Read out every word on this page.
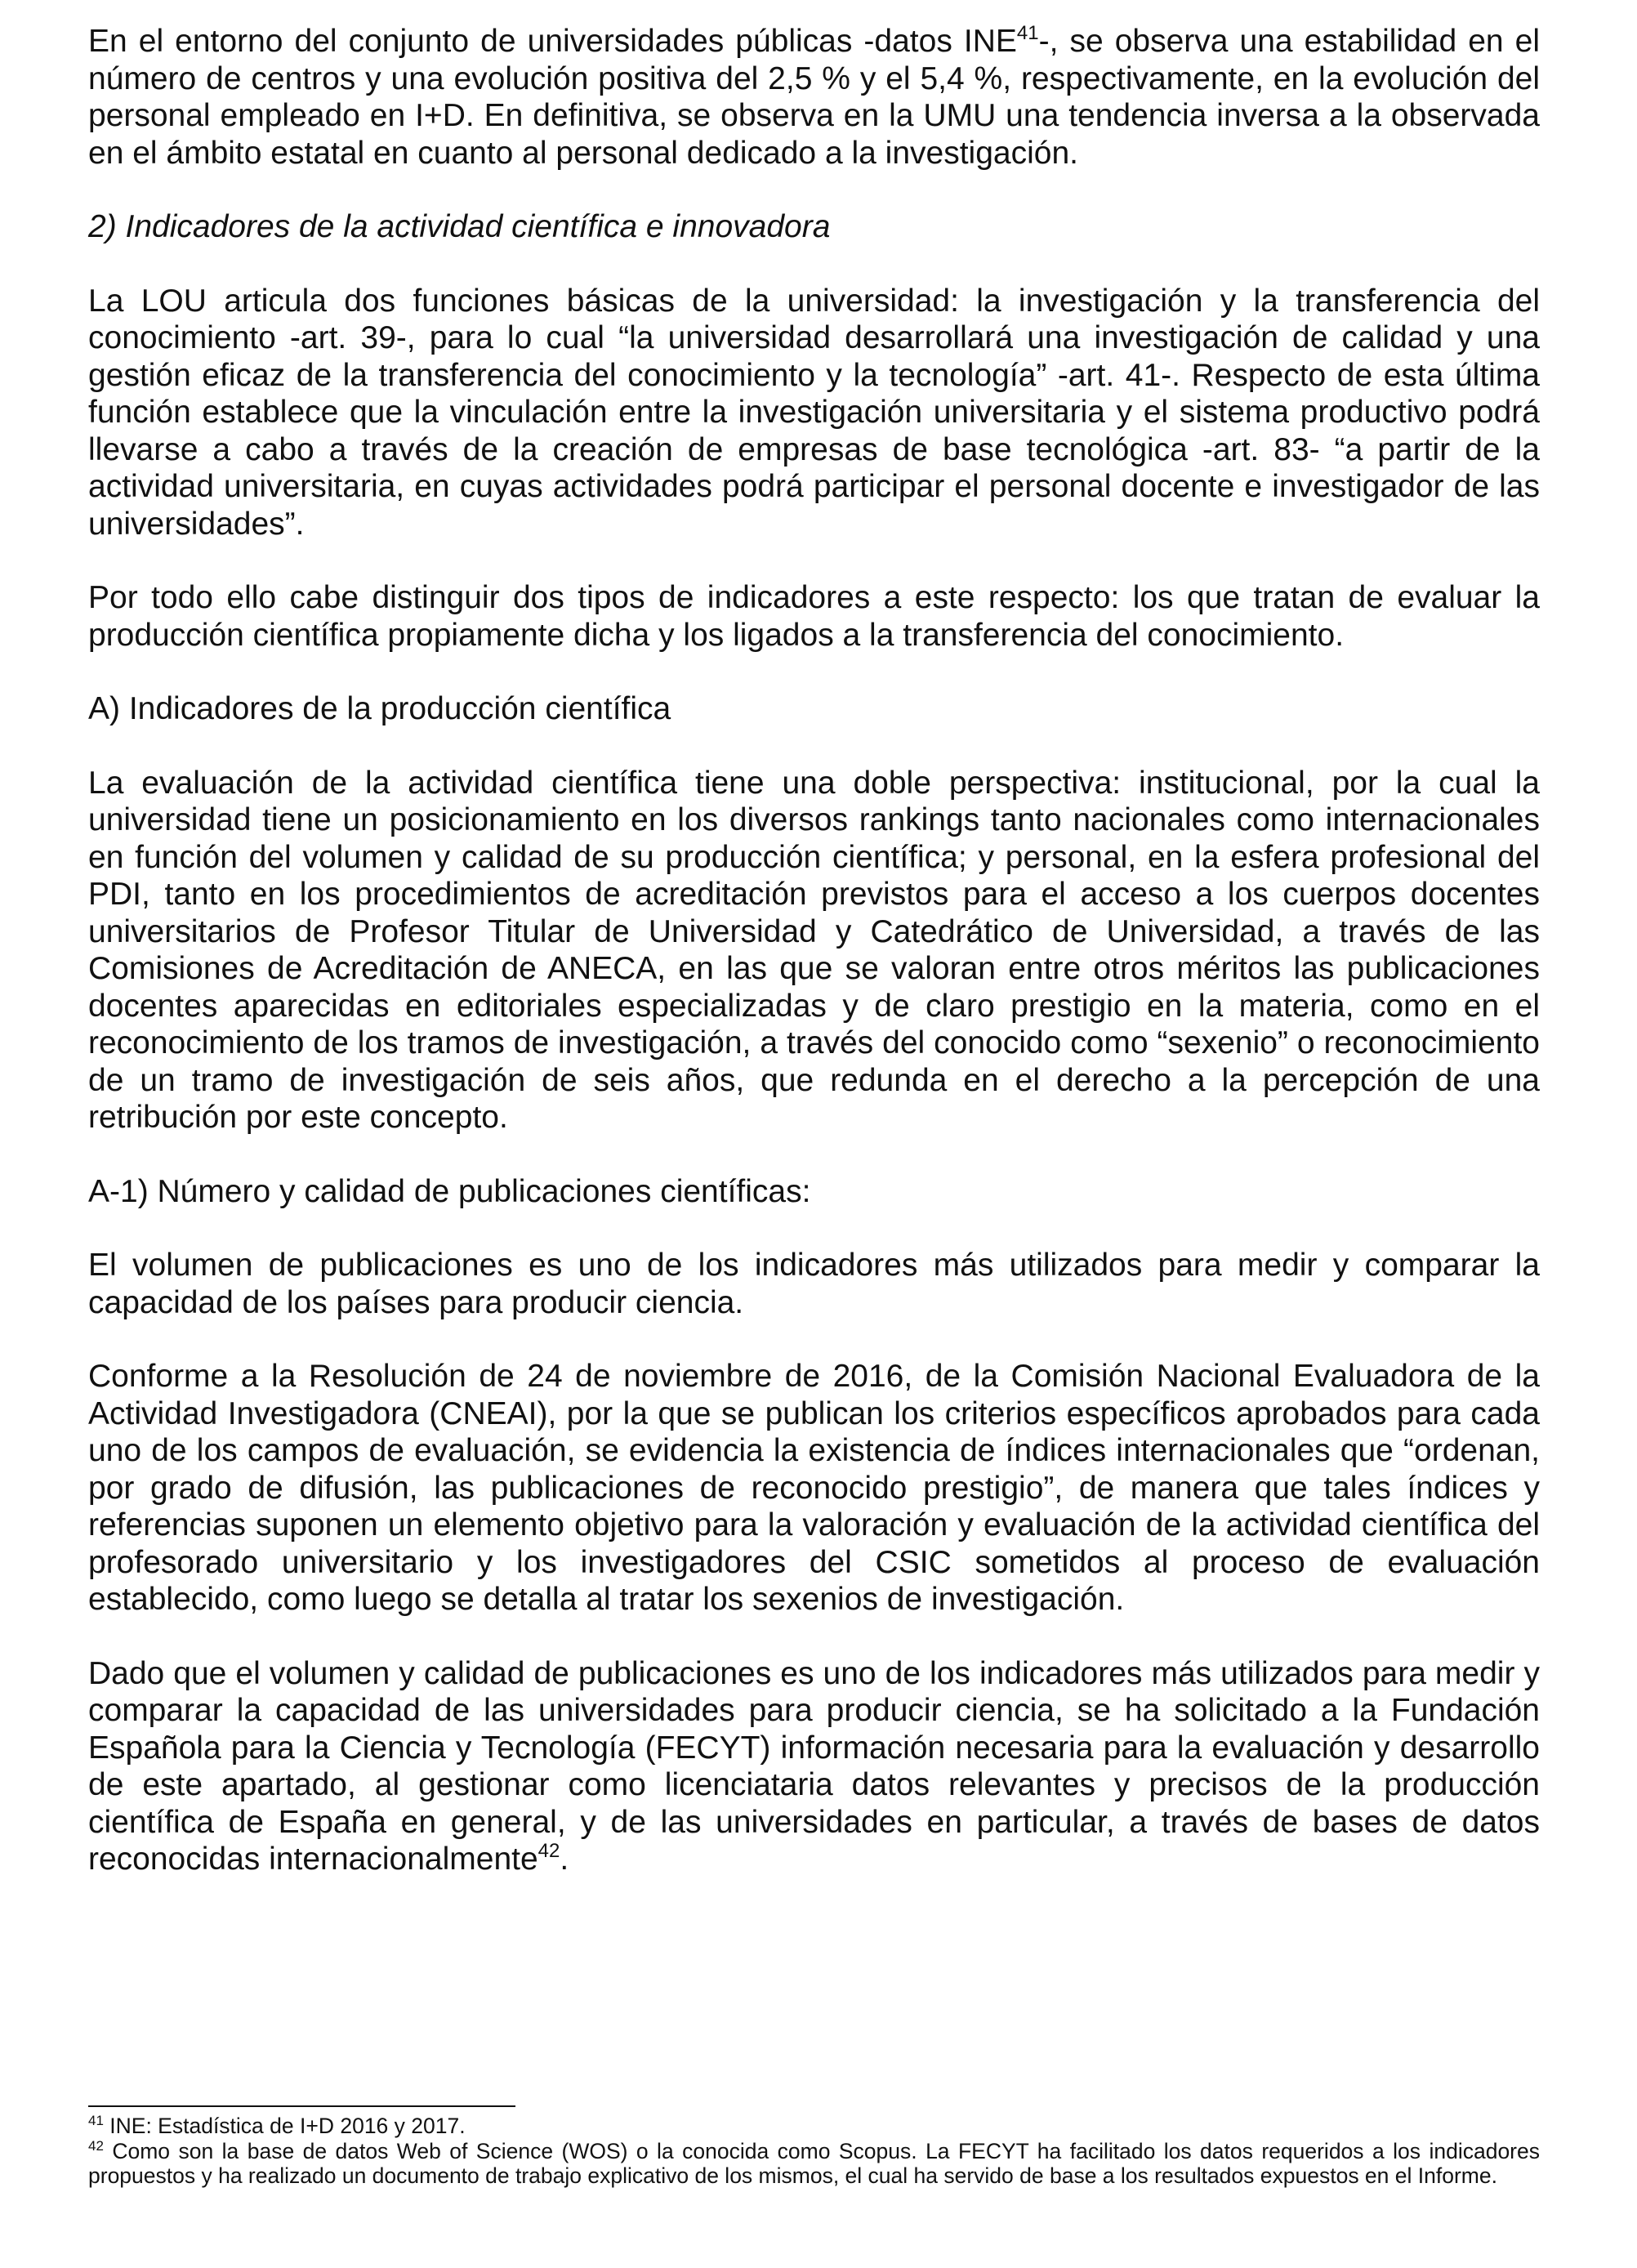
En el entorno del conjunto de universidades públicas -datos INE$^{41}$-, se observa una estabilidad en el número de centros y una evolución positiva del 2,5 % y el 5,4 %, respectivamente, en la evolución del personal empleado en I+D. En definitiva, se observa en la UMU una tendencia inversa a la observada en el ámbito estatal en cuanto al personal dedicado a la investigación.

2) Indicadores de la actividad científica e innovadora

La LOU articula dos funciones básicas de la universidad: la investigación y la transferencia del conocimiento -art. 39-, para lo cual “la universidad desarrollará una investigación de calidad y una gestión eficaz de la transferencia del conocimiento y la tecnología” -art. 41-. Respecto de esta última función establece que la vinculación entre la investigación universitaria y el sistema productivo podrá llevarse a cabo a través de la creación de empresas de base tecnológica -art. 83- “a partir de la actividad universitaria, en cuyas actividades podrá participar el personal docente e investigador de las universidades”.

Por todo ello cabe distinguir dos tipos de indicadores a este respecto: los que tratan de evaluar la producción científica propiamente dicha y los ligados a la transferencia del conocimiento.

A) Indicadores de la producción científica

La evaluación de la actividad científica tiene una doble perspectiva: institucional, por la cual la universidad tiene un posicionamiento en los diversos rankings tanto nacionales como internacionales en función del volumen y calidad de su producción científica; y personal, en la esfera profesional del PDI, tanto en los procedimientos de acreditación previstos para el acceso a los cuerpos docentes universitarios de Profesor Titular de Universidad y Catedrático de Universidad, a través de las Comisiones de Acreditación de ANECA, en las que se valoran entre otros méritos las publicaciones docentes aparecidas en editoriales especializadas y de claro prestigio en la materia, como en el reconocimiento de los tramos de investigación, a través del conocido como “sexenio” o reconocimiento de un tramo de investigación de seis años, que redunda en el derecho a la percepción de una retribución por este concepto.

A-1) Número y calidad de publicaciones científicas:

El volumen de publicaciones es uno de los indicadores más utilizados para medir y comparar la capacidad de los países para producir ciencia.

Conforme a la Resolución de 24 de noviembre de 2016, de la Comisión Nacional Evaluadora de la Actividad Investigadora (CNEAI), por la que se publican los criterios específicos aprobados para cada uno de los campos de evaluación, se evidencia la existencia de índices internacionales que “ordenan, por grado de difusión, las publicaciones de reconocido prestigio”, de manera que tales índices y referencias suponen un elemento objetivo para la valoración y evaluación de la actividad científica del profesorado universitario y los investigadores del CSIC sometidos al proceso de evaluación establecido, como luego se detalla al tratar los sexenios de investigación.

Dado que el volumen y calidad de publicaciones es uno de los indicadores más utilizados para medir y comparar la capacidad de las universidades para producir ciencia, se ha solicitado a la Fundación Española para la Ciencia y Tecnología (FECYT) información necesaria para la evaluación y desarrollo de este apartado, al gestionar como licenciataria datos relevantes y precisos de la producción científica de España en general, y de las universidades en particular, a través de bases de datos reconocidas internacionalmente$^{42}$.

$^{41}$ INE: Estadística de I+D 2016 y 2017.

$^{42}$ Como son la base de datos Web of Science (WOS) o la conocida como Scopus. La FECYT ha facilitado los datos requeridos a los indicadores propuestos y ha realizado un documento de trabajo explicativo de los mismos, el cual ha servido de base a los resultados expuestos en el Informe.
